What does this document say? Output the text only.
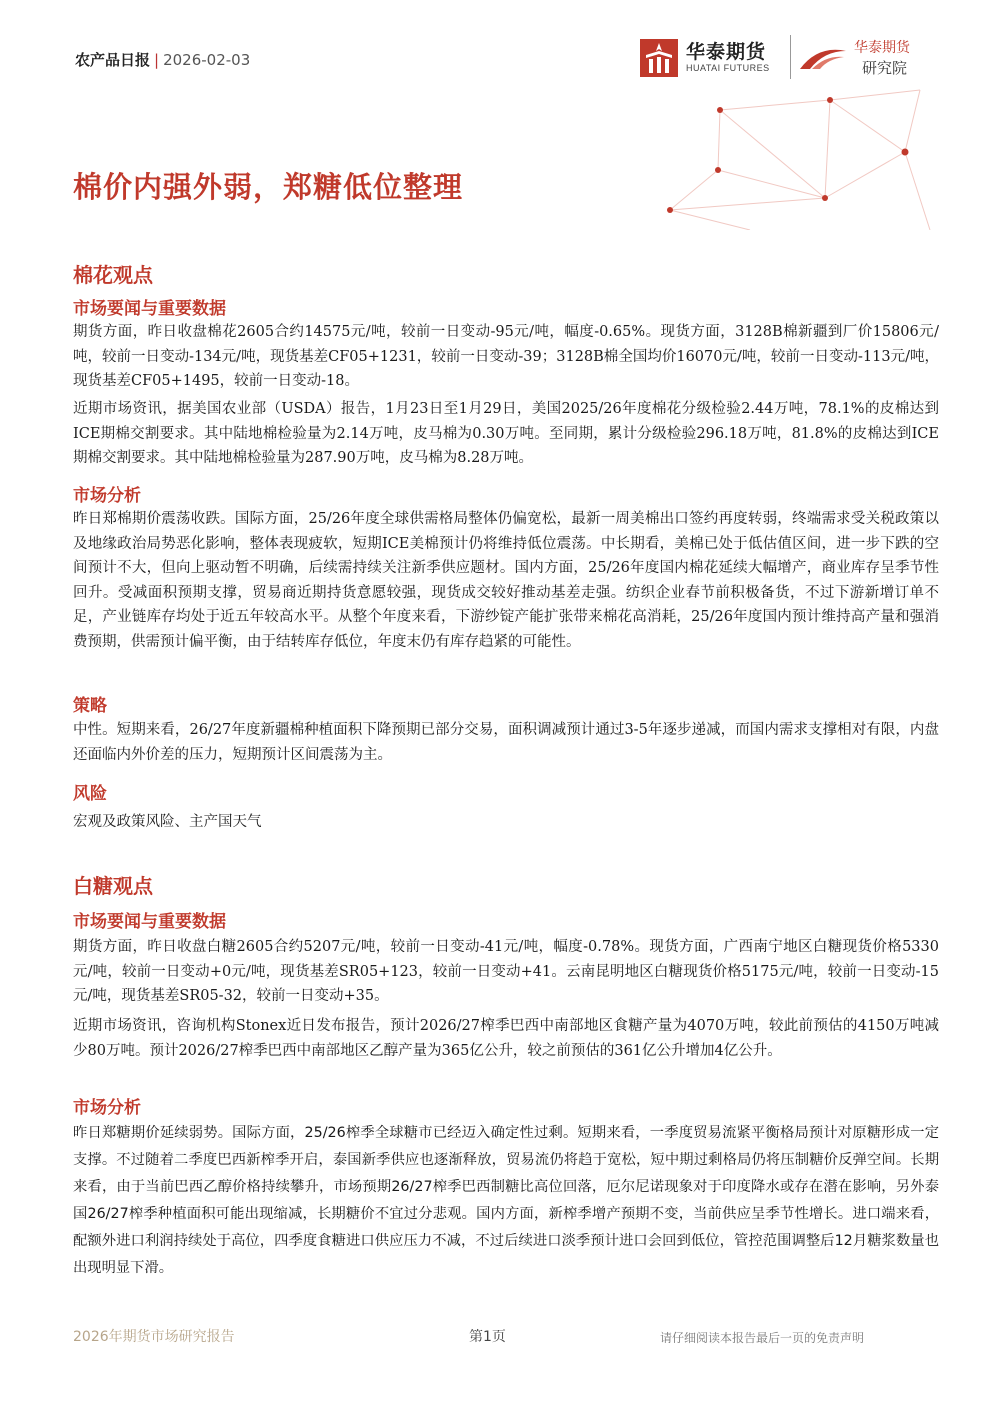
农产品日报 | 2026-02-03	华泰期货
HUATAI FUTURES
华泰期货
研究院
棉价内强外弱，郑糖低位整理
棉花观点
市场要闻与重要数据
期货方面，昨日收盘棉花2605合约14575元/吨，较前一日变动-95元/吨，幅度-0.65%。现货方面，3128B棉新疆到厂价15806元/吨，较前一日变动-134元/吨，现货基差CF05+1231，较前一日变动-39；3128B棉全国均价16070元/吨，较前一日变动-113元/吨，现货基差CF05+1495，较前一日变动-18。
近期市场资讯，据美国农业部（USDA）报告，1月23日至1月29日，美国2025/26年度棉花分级检验2.44万吨，78.1%的皮棉达到ICE期棉交割要求。其中陆地棉检验量为2.14万吨，皮马棉为0.30万吨。至同期，累计分级检验296.18万吨，81.8%的皮棉达到ICE期棉交割要求。其中陆地棉检验量为287.90万吨，皮马棉为8.28万吨。
市场分析
昨日郑棉期价震荡收跌。国际方面，25/26年度全球供需格局整体仍偏宽松，最新一周美棉出口签约再度转弱，终端需求受关税政策以及地缘政治局势恶化影响，整体表现疲软，短期ICE美棉预计仍将维持低位震荡。中长期看，美棉已处于低估值区间，进一步下跌的空间预计不大，但向上驱动暂不明确，后续需持续关注新季供应题材。国内方面，25/26年度国内棉花延续大幅增产，商业库存呈季节性回升。受减面积预期支撑，贸易商近期持货意愿较强，现货成交较好推动基差走强。纺织企业春节前积极备货，不过下游新增订单不足，产业链库存均处于近五年较高水平。从整个年度来看，下游纱锭产能扩张带来棉花高消耗，25/26年度国内预计维持高产量和强消费预期，供需预计偏平衡，由于结转库存低位，年度末仍有库存趋紧的可能性。
策略
中性。短期来看，26/27年度新疆棉种植面积下降预期已部分交易，面积调减预计通过3-5年逐步递减，而国内需求支撑相对有限，内盘还面临内外价差的压力，短期预计区间震荡为主。
风险
宏观及政策风险、主产国天气
白糖观点
市场要闻与重要数据
期货方面，昨日收盘白糖2605合约5207元/吨，较前一日变动-41元/吨，幅度-0.78%。现货方面，广西南宁地区白糖现货价格5330元/吨，较前一日变动+0元/吨，现货基差SR05+123，较前一日变动+41。云南昆明地区白糖现货价格5175元/吨，较前一日变动-15元/吨，现货基差SR05-32，较前一日变动+35。
近期市场资讯，咨询机构Stonex近日发布报告，预计2026/27榨季巴西中南部地区食糖产量为4070万吨，较此前预估的4150万吨减少80万吨。预计2026/27榨季巴西中南部地区乙醇产量为365亿公升，较之前预估的361亿公升增加4亿公升。
市场分析
昨日郑糖期价延续弱势。国际方面，25/26榨季全球糖市已经迈入确定性过剩。短期来看，一季度贸易流紧平衡格局预计对原糖形成一定支撑。不过随着二季度巴西新榨季开启，泰国新季供应也逐渐释放，贸易流仍将趋于宽松，短中期过剩格局仍将压制糖价反弹空间。长期来看，由于当前巴西乙醇价格持续攀升，市场预期26/27榨季巴西制糖比高位回落，厄尔尼诺现象对于印度降水或存在潜在影响，另外泰国26/27榨季种植面积可能出现缩减，长期糖价不宜过分悲观。国内方面，新榨季增产预期不变，当前供应呈季节性增长。进口端来看，配额外进口利润持续处于高位，四季度食糖进口供应压力不减，不过后续进口淡季预计进口会回到低位，管控范围调整后12月糖浆数量也出现明显下滑。
2026年期货市场研究报告	第1页	请仔细阅读本报告最后一页的免责声明
